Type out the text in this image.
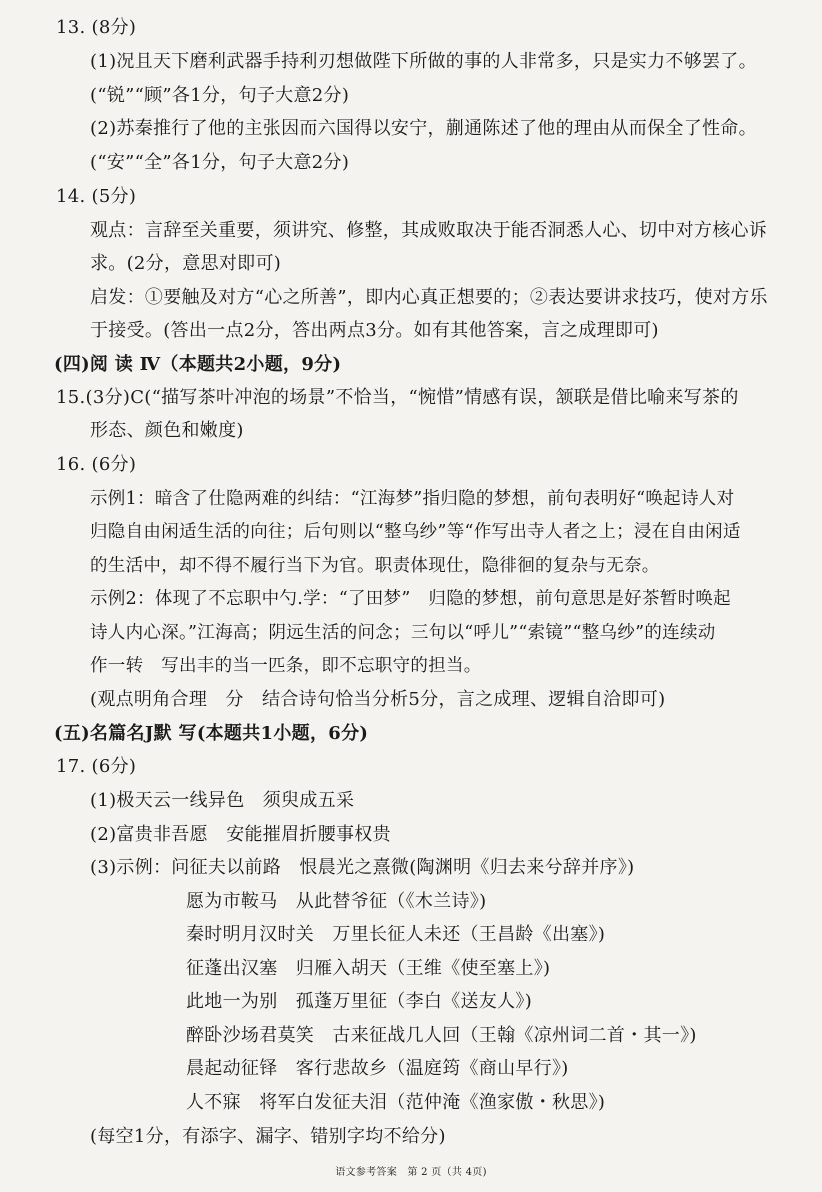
13. (8分)
(1)况且天下磨利武器手持利刃想做陛下所做的事的人非常多，只是实力不够罢了。
(“锐”“顾”各1分，句子大意2分)
(2)苏秦推行了他的主张因而六国得以安宁，蒯通陈述了他的理由从而保全了性命。
(“安”“全”各1分，句子大意2分)
14. (5分)
观点：言辞至关重要，须讲究、修整，其成败取决于能否洞悉人心、切中对方核心诉
求。(2分，意思对即可)
启发：①要触及对方“心之所善”，即内心真正想要的；②表达要讲求技巧，使对方乐
于接受。(答出一点2分，答出两点3分。如有其他答案，言之成理即可)
(四)阅 读 Ⅳ（本题共2小题，9分)
15.(3分)C(“描写茶叶冲泡的场景”不恰当，“惋惜”情感有误，颔联是借比喻来写茶的
形态、颜色和嫩度)
16. (6分)
示例1：暗含了仕隐两难的纠结：“江海梦”指归隐的梦想，前句表明好“唤起诗人对
归隐自由闲适生活的向往；后句则以“整乌纱”等“作写出寺人者之上；浸在自由闲适
的生活中，却不得不履行当下为官。职责体现仕，隐徘徊的复杂与无奈。
示例2：体现了不忘职中勺.学：“了田梦”　归隐的梦想，前句意思是好茶暂时唤起
诗人内心深。”江海高；阴远生活的问念；三句以“呼儿”“索镜”“整乌纱”的连续动
作一转　写出丰的当一匹条，即不忘职守的担当。
(观点明角合理　分　结合诗句恰当分析5分，言之成理、逻辑自洽即可)
(五)名篇名J默 写(本题共1小题，6分)
17. (6分)
(1)极天云一线异色　须臾成五采
(2)富贵非吾愿　安能摧眉折腰事权贵
(3)示例：问征夫以前路　恨晨光之熹微(陶渊明《归去来兮辞并序》)
愿为市鞍马　从此替爷征（《木兰诗》)
秦时明月汉时关　万里长征人未还（王昌龄《出塞》)
征蓬出汉塞　归雁入胡天（王维《使至塞上》)
此地一为别　孤蓬万里征（李白《送友人》)
醉卧沙场君莫笑　古来征战几人回（王翰《凉州词二首・其一》)
晨起动征铎　客行悲故乡（温庭筠《商山早行》)
人不寐　将军白发征夫泪（范仲淹《渔家傲・秋思》)
(每空1分，有添字、漏字、错别字均不给分)
语文参考答案　第 2 页（共 4页)
